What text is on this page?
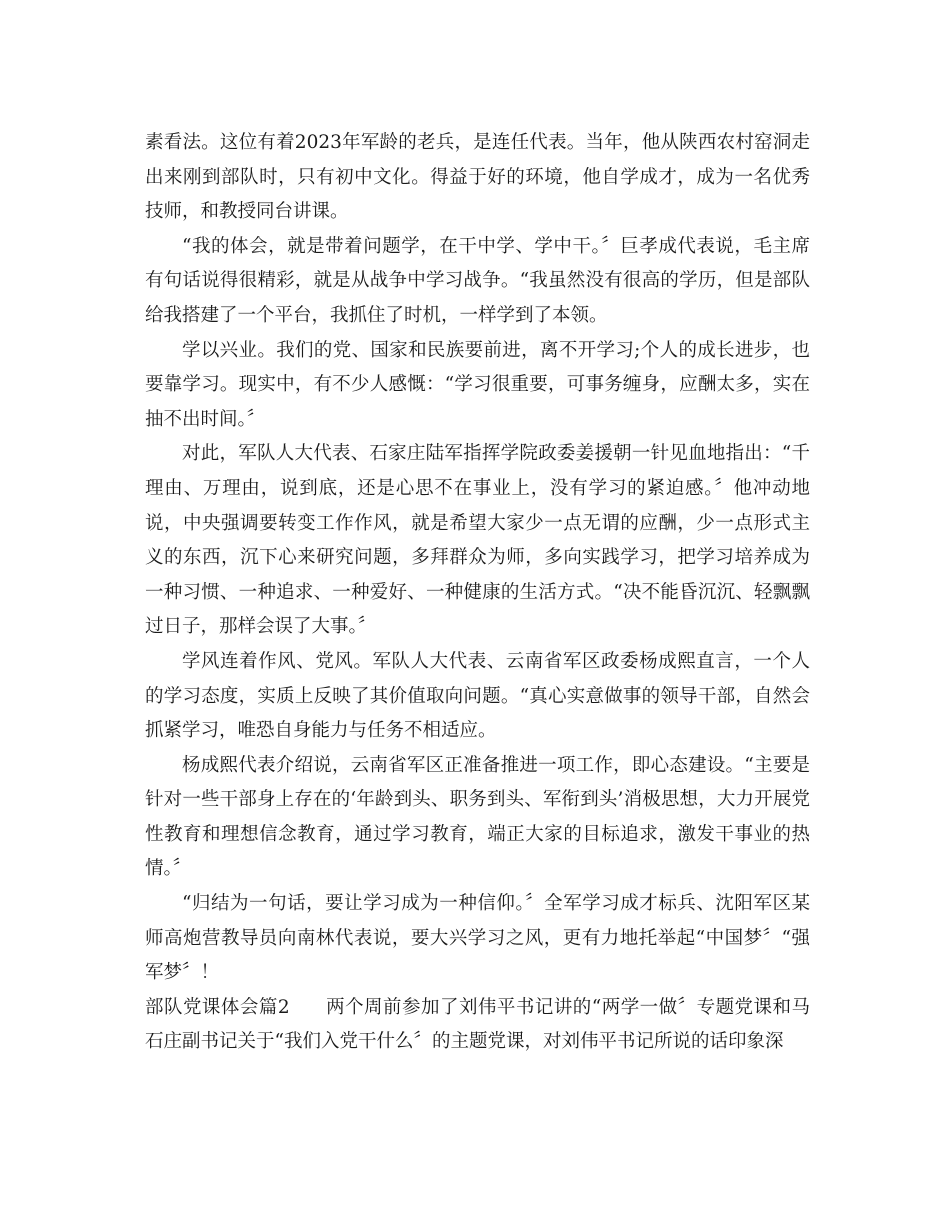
素看法。这位有着2023年军龄的老兵，是连任代表。当年，他从陕西农村窑洞走出来刚到部队时，只有初中文化。得益于好的环境，他自学成才，成为一名优秀技师，和教授同台讲课。

“我的体会，就是带着问题学，在干中学、学中干。〞巨孝成代表说，毛主席有句话说得很精彩，就是从战争中学习战争。“我虽然没有很高的学历，但是部队给我搭建了一个平台，我抓住了时机，一样学到了本领。

学以兴业。我们的党、国家和民族要前进，离不开学习;个人的成长进步，也要靠学习。现实中，有不少人感慨：“学习很重要，可事务缠身，应酬太多，实在抽不出时间。〞

对此，军队人大代表、石家庄陆军指挥学院政委姜援朝一针见血地指出：“千理由、万理由，说到底，还是心思不在事业上，没有学习的紧迫感。〞他冲动地说，中央强调要转变工作作风，就是希望大家少一点无谓的应酬，少一点形式主义的东西，沉下心来研究问题，多拜群众为师，多向实践学习，把学习培养成为一种习惯、一种追求、一种爱好、一种健康的生活方式。“决不能昏沉沉、轻飘飘过日子，那样会误了大事。〞

学风连着作风、党风。军队人大代表、云南省军区政委杨成熙直言，一个人的学习态度，实质上反映了其价值取向问题。“真心实意做事的领导干部，自然会抓紧学习，唯恐自身能力与任务不相适应。

杨成熙代表介绍说，云南省军区正准备推进一项工作，即心态建设。“主要是针对一些干部身上存在的‘年龄到头、职务到头、军衔到头’消极思想，大力开展党性教育和理想信念教育，通过学习教育，端正大家的目标追求，激发干事业的热情。〞

“归结为一句话，要让学习成为一种信仰。〞全军学习成才标兵、沈阳军区某师高炮营教导员向南林代表说，要大兴学习之风，更有力地托举起“中国梦〞“强军梦〞！

部队党课体会篇2 两个周前参加了刘伟平书记讲的“两学一做〞专题党课和马石庄副书记关于“我们入党干什么〞的主题党课，对刘伟平书记所说的话印象深
